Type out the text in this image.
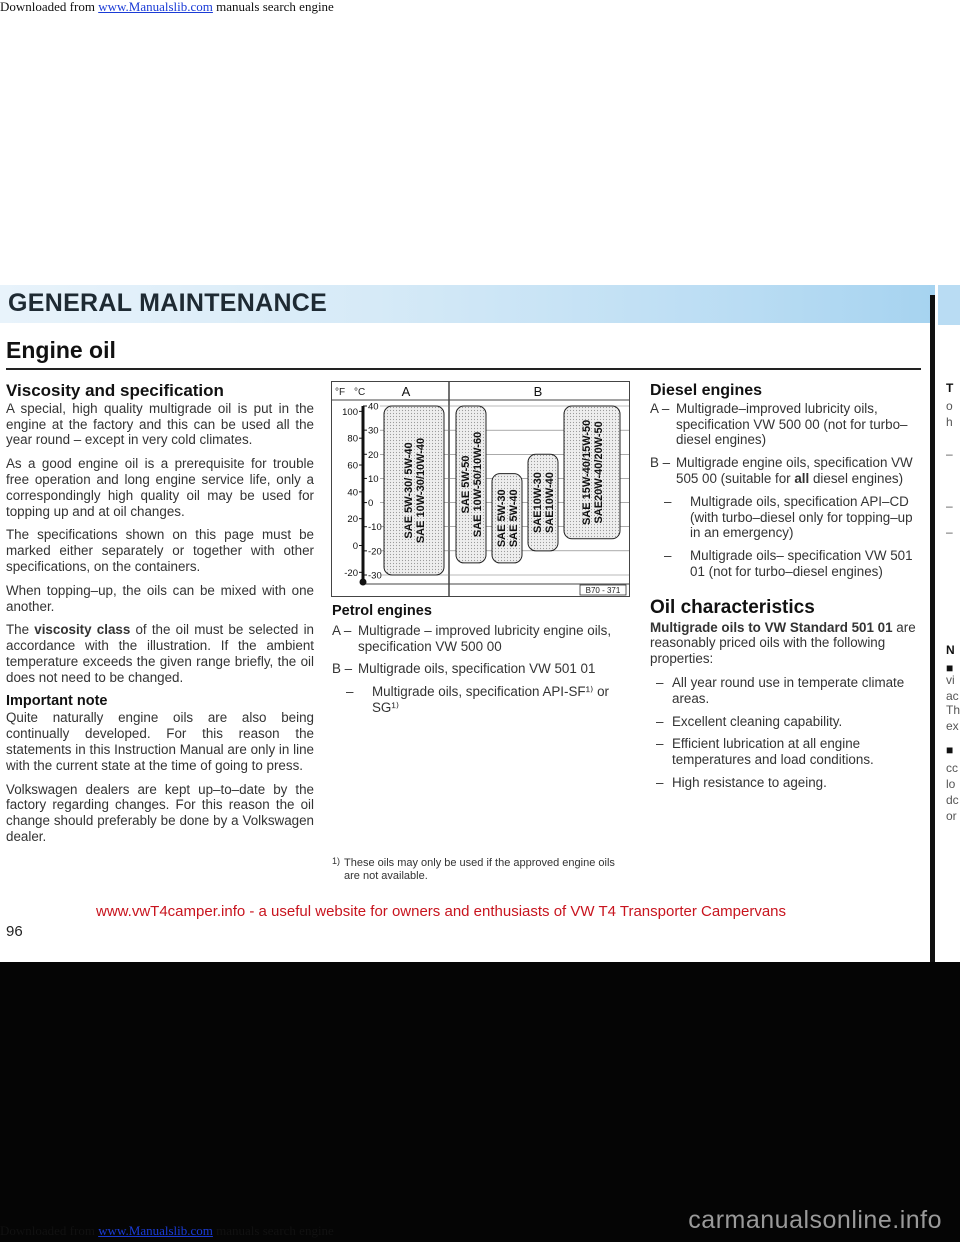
Downloaded from www.Manualslib.com manuals search engine
GENERAL MAINTENANCE
Engine oil
Viscosity and specification

A special, high quality multigrade oil is put in the engine at the factory and this can be used all the year round – except in very cold climates.

As a good engine oil is a prerequisite for trouble free operation and long engine service life, only a correspondingly high quality oil may be used for topping up and at oil changes.

The specifications shown on this page must be marked either separately or together with other specifications, on the containers.

When topping–up, the oils can be mixed with one another.

The viscosity class of the oil must be selected in accordance with the illustration. If the ambient temperature exceeds the given range briefly, the oil does not need to be changed.

Important note

Quite naturally engine oils are also being continually developed. For this reason the statements in this Instruction Manual are only in line with the current state at the time of going to press.

Volkswagen dealers are kept up–to–date by the factory regarding changes. For this reason the oil change should preferably be done by a Volkswagen dealer.

°F °C	A	B
40
30
20
10
0
-10
-20
-30
100
80
60
40
20
0
-20
SAE 5W-30/ 5W-40SAE 10W-30/10W-40	SAE 5W-50SAE 10W-50/10W-60 SAE 5W-30SAE 5W-40 SAE10W-30SAE10W-40 SAE 15W-40/15W-50SAE20W-40/20W-50
B70 - 371
Petrol engines
A – Multigrade – improved lubricity engine oils, specification VW 500 00
B – Multigrade oils, specification VW 501 01
– Multigrade oils, specification API-SF¹⁾ or SG¹⁾
1) These oils may only be used if the approved engine oils are not available.
Diesel engines
A – Multigrade–improved lubricity oils, specification VW 500 00 (not for turbo–diesel engines)
B – Multigrade engine oils, specification VW 505 00 (suitable for all diesel engines)
– Multigrade oils, specification API–CD (with turbo–diesel only for topping–up in an emergency)
– Multigrade oils– specification VW 501 01 (not for turbo–diesel engines)
Oil characteristics

Multigrade oils to VW Standard 501 01 are reasonably priced oils with the following properties:

– All year round use in temperate climate areas.
– Excellent cleaning capability.
– Efficient lubrication at all engine temperatures and load conditions.
– High resistance to ageing.
www.vwT4camper.info - a useful website for owners and enthusiasts of VW T4 Transporter Campervans
96
T
o
h
–
–
–
N
■
vi
ac
Th
ex
■
cc
lo
dc
or
Downloaded from www.Manualslib.com manuals search engine	carmanualsonline.info
